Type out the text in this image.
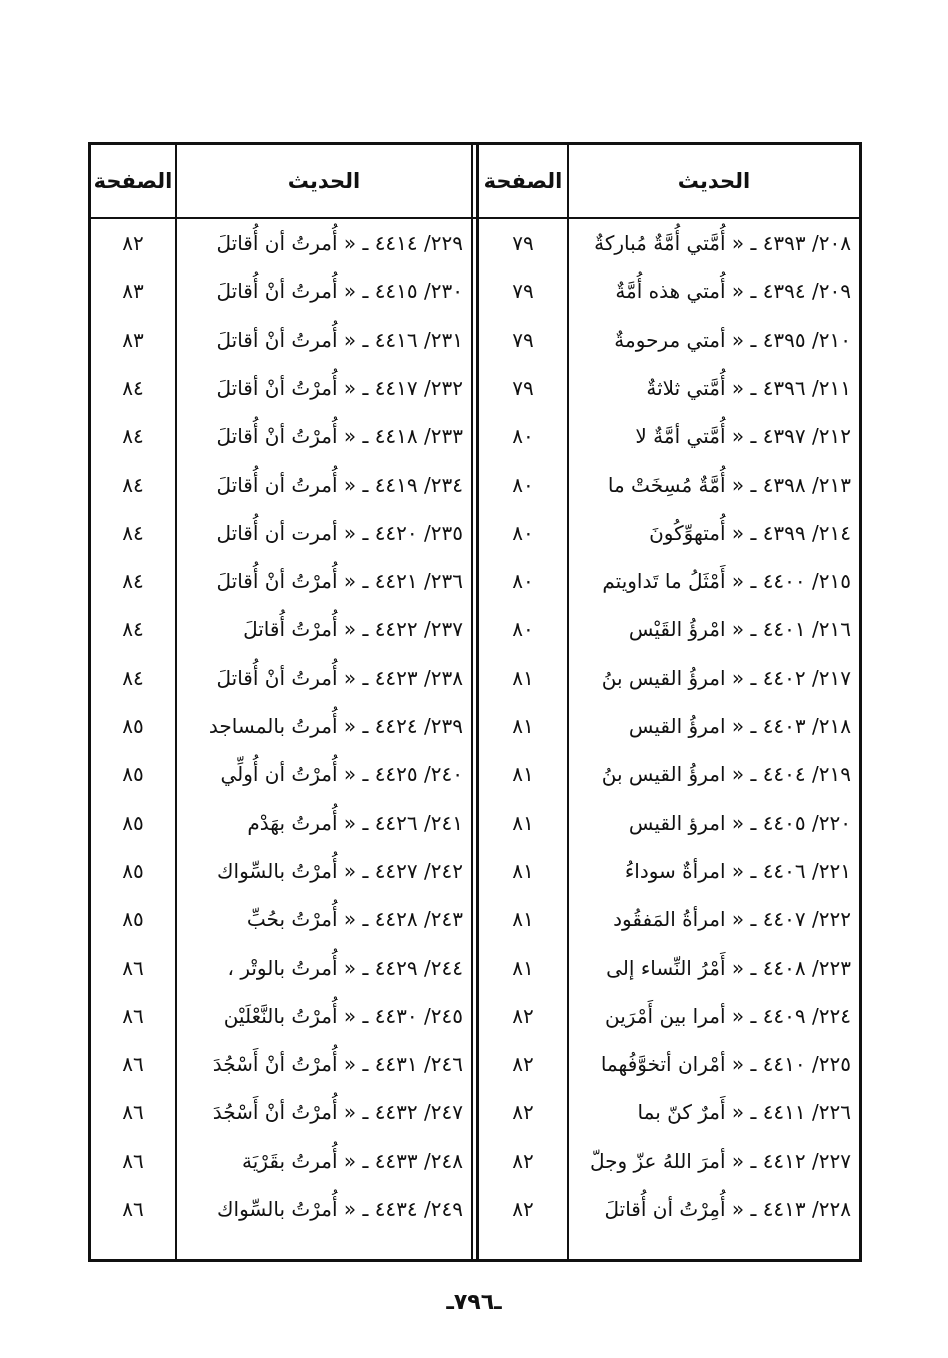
الحديث
الصفحة
الحديث
الصفحة
٢٠٨/ ٤٣٩٣ ـ « أُمَّتي أُمَّةٌ مُباركةٌ
٧٩
٢٢٩/ ٤٤١٤ ـ « أُمرتُ أن أُقاتلَ
٨٢
٢٠٩/ ٤٣٩٤ ـ « أُمتي هذه أُمَّةٌ
٧٩
٢٣٠/ ٤٤١٥ ـ « أُمرتُ أنْ أُقاتلَ
٨٣
٢١٠/ ٤٣٩٥ ـ « أمتي مرحومةٌ
٧٩
٢٣١/ ٤٤١٦ ـ « أُمرتُ أنْ أقاتلَ
٨٣
٢١١/ ٤٣٩٦ ـ « أُمَّتي ثلاثةٌ
٧٩
٢٣٢/ ٤٤١٧ ـ « أُمرْتُ أنْ أقاتلَ
٨٤
٢١٢/ ٤٣٩٧ ـ « أُمَّتي أمَّةٌ لا
٨٠
٢٣٣/ ٤٤١٨ ـ « أُمرْتُ أنْ أُقاتلَ
٨٤
٢١٣/ ٤٣٩٨ ـ « أُمَّةٌ مُسِخَتْ ما
٨٠
٢٣٤/ ٤٤١٩ ـ « أُمرتُ أن أُقاتلَ
٨٤
٢١٤/ ٤٣٩٩ ـ « أُمتهوِّكُونَ
٨٠
٢٣٥/ ٤٤٢٠ ـ « أمرت أن أُقاتل
٨٤
٢١٥/ ٤٤٠٠ ـ « أَمْثَلُ ما تَداويتم
٨٠
٢٣٦/ ٤٤٢١ ـ « أُمرْتُ أنْ أُقاتلَ
٨٤
٢١٦/ ٤٤٠١ ـ « امْرؤُ القَيْس
٨٠
٢٣٧/ ٤٤٢٢ ـ « أُمرْتُ أُقاتلَ
٨٤
٢١٧/ ٤٤٠٢ ـ « امرؤُ القيس بنُ
٨١
٢٣٨/ ٤٤٢٣ ـ « أُمرتُ أنْ أُقاتلَ
٨٤
٢١٨/ ٤٤٠٣ ـ « امرؤُ القيس
٨١
٢٣٩/ ٤٤٢٤ ـ « أُمرتُ بالمساجد
٨٥
٢١٩/ ٤٤٠٤ ـ « امرؤُ القيس بنُ
٨١
٢٤٠/ ٤٤٢٥ ـ « أُمرْتُ أن أُولِّي
٨٥
٢٢٠/ ٤٤٠٥ ـ « امرؤ القيس
٨١
٢٤١/ ٤٤٢٦ ـ « أُمرتُ بهَدْم
٨٥
٢٢١/ ٤٤٠٦ ـ « امرأةٌ سوداءُ
٨١
٢٤٢/ ٤٤٢٧ ـ « أُمرْتُ بالسِّواك
٨٥
٢٢٢/ ٤٤٠٧ ـ « امرأةُ المَفقُود
٨١
٢٤٣/ ٤٤٢٨ ـ « أُمرْتُ بحُبِّ
٨٥
٢٢٣/ ٤٤٠٨ ـ « أَمْرُ النِّساء إلى
٨١
٢٤٤/ ٤٤٢٩ ـ « أُمرتُ بالوتْر ،
٨٦
٢٢٤/ ٤٤٠٩ ـ « أمرا بين أَمْرَين
٨٢
٢٤٥/ ٤٤٣٠ ـ « أُمرْتُ بالنَّعْلَيْن
٨٦
٢٢٥/ ٤٤١٠ ـ « أمْران أتخوَّفُهما
٨٢
٢٤٦/ ٤٤٣١ ـ « أُمرْتُ أنْ أَسْجُدَ
٨٦
٢٢٦/ ٤٤١١ ـ « أَمرٌ كنّ بما
٨٢
٢٤٧/ ٤٤٣٢ ـ « أُمرْتُ أنْ أَسْجُدَ
٨٦
٢٢٧/ ٤٤١٢ ـ « أمرَ اللهُ عزّ وجلّ
٨٢
٢٤٨/ ٤٤٣٣ ـ « أُمرتُ بقَرْيَة
٨٦
٢٢٨/ ٤٤١٣ ـ « أُمِرْتُ أن أُقاتلَ
٨٢
٢٤٩/ ٤٤٣٤ ـ « أُمرْتُ بالسِّواك
٨٦
ـ٧٩٦ـ
